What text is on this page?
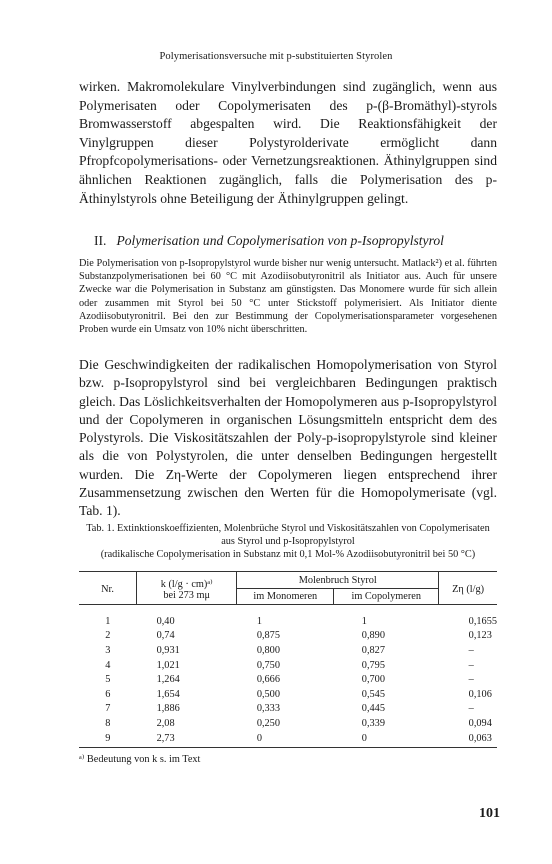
Polymerisationsversuche mit p-substituierten Styrolen

wirken. Makromolekulare Vinylverbindungen sind zugänglich, wenn aus Polymerisaten oder Copolymerisaten des p-(β-Bromäthyl)-styrols Bromwasserstoff abgespalten wird. Die Reaktionsfähigkeit der Vinylgruppen dieser Polystyrolderivate ermöglicht dann Pfropfcopolymerisations- oder Vernetzungsreaktionen. Äthinylgruppen sind ähnlichen Reaktionen zugänglich, falls die Polymerisation des p-Äthinylstyrols ohne Beteiligung der Äthinylgruppen gelingt.

II. Polymerisation und Copolymerisation von p-Isopropylstyrol

Die Polymerisation von p-Isopropylstyrol wurde bisher nur wenig untersucht. Matlack²) et al. führten Substanzpolymerisationen bei 60 °C mit Azodiisobutyronitril als Initiator aus. Auch für unsere Zwecke war die Polymerisation in Substanz am günstigsten. Das Monomere wurde für sich allein oder zusammen mit Styrol bei 50 °C unter Stickstoff polymerisiert. Als Initiator diente Azodiisobutyronitril. Bei den zur Bestimmung der Copolymerisationsparameter vorgesehenen Proben wurde ein Umsatz von 10% nicht überschritten.

Die Geschwindigkeiten der radikalischen Homopolymerisation von Styrol bzw. p-Isopropylstyrol sind bei vergleichbaren Bedingungen praktisch gleich. Das Löslichkeitsverhalten der Homopolymeren aus p-Isopropylstyrol und der Copolymeren in organischen Lösungsmitteln entspricht dem des Polystyrols. Die Viskositätszahlen der Poly-p-isopropylstyrole sind kleiner als die von Polystyrolen, die unter denselben Bedingungen hergestellt wurden. Die Zη-Werte der Copolymeren liegen entsprechend ihrer Zusammensetzung zwischen den Werten für die Homopolymerisate (vgl. Tab. 1).

Tab. 1. Extinktionskoeffizienten, Molenbrüche Styrol und Viskositätszahlen von Copolymerisaten aus Styrol und p-Isopropylstyrol
(radikalische Copolymerisation in Substanz mit 0,1 Mol-% Azodiisobutyronitril bei 50 °C)
Nr.	k (l/g · cm)ᵃ⁾
bei 273 mμ	Molenbruch Styrol		Zη (l/g)
		im Monomeren	im Copolymeren	
1	0,40	1	1	0,1655
2	0,74	0,875	0,890	0,123
3	0,931	0,800	0,827	–
4	1,021	0,750	0,795	–
5	1,264	0,666	0,700	–
6	1,654	0,500	0,545	0,106
7	1,886	0,333	0,445	–
8	2,08	0,250	0,339	0,094
9	2,73	0	0	0,063
ᵃ⁾ Bedeutung von k s. im Text
101
